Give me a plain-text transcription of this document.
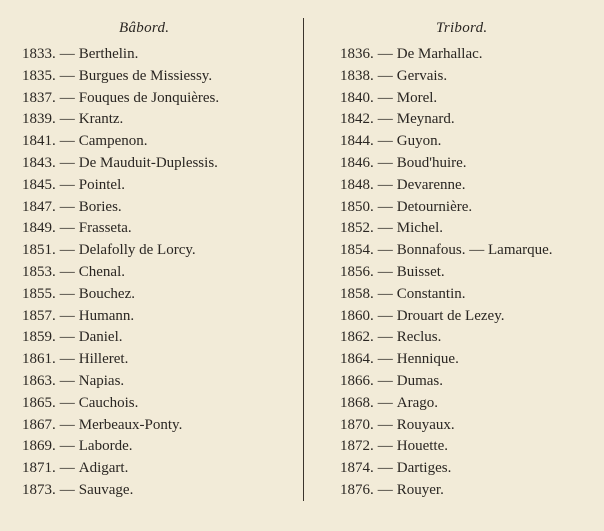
Bâbord.
1833. — Berthelin.
1835. — Burgues de Missiessy.
1837. — Fouques de Jonquières.
1839. — Krantz.
1841. — Campenon.
1843. — De Mauduit-Duplessis.
1845. — Pointel.
1847. — Bories.
1849. — Frasseta.
1851. — Delafolly de Lorcy.
1853. — Chenal.
1855. — Bouchez.
1857. — Humann.
1859. — Daniel.
1861. — Hilleret.
1863. — Napias.
1865. — Cauchois.
1867. — Merbeaux-Ponty.
1869. — Laborde.
1871. — Adigart.
1873. — Sauvage.
Tribord.
1836. — De Marhallac.
1838. — Gervais.
1840. — Morel.
1842. — Meynard.
1844. — Guyon.
1846. — Boud'huire.
1848. — Devarenne.
1850. — Detournière.
1852. — Michel.
1854. — Bonnafous. — Lamarque.
1856. — Buisset.
1858. — Constantin.
1860. — Drouart de Lezey.
1862. — Reclus.
1864. — Hennique.
1866. — Dumas.
1868. — Arago.
1870. — Rouyaux.
1872. — Houette.
1874. — Dartiges.
1876. — Rouyer.
